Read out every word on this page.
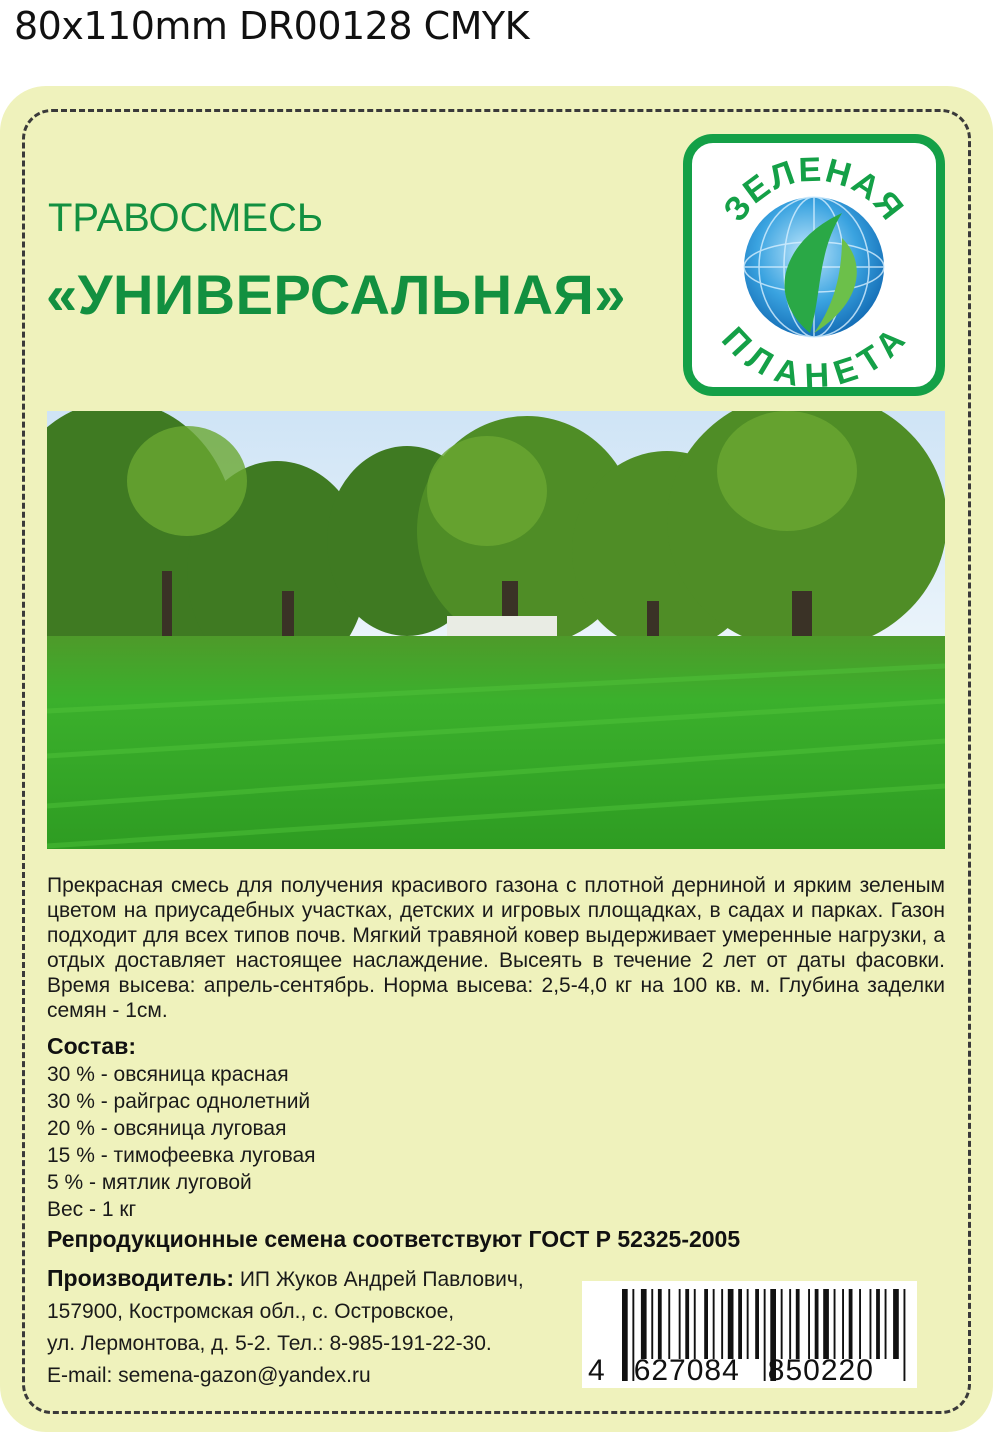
80x110mm DR00128 CMYK
ТРАВОСМЕСЬ
«УНИВЕРСАЛЬНАЯ»
ЗЕЛЕНАЯ
ПЛАНЕТА
Прекрасная смесь для получения красивого газона с плотной дерниной и ярким зеленым цветом на приусадебных участках, детских и игровых площадках, в садах и парках. Газон подходит для всех типов почв. Мягкий травяной ковер выдерживает умеренные нагрузки, а отдых доставляет настоящее наслаждение. Высеять в течение 2 лет от даты фасовки. Время высева: апрель-сентябрь. Норма высева: 2,5-4,0 кг на 100 кв. м. Глубина заделки семян - 1см.
Состав:
30 % - овсяница красная
30 % - райграс однолетний
20 % - овсяница луговая
15 % - тимофеевка луговая
5 % - мятлик луговой
Вес - 1 кг
Репродукционные семена соответствуют ГОСТ Р 52325-2005
Производитель: ИП Жуков Андрей Павлович,
157900, Костромская обл., с. Островское,
ул. Лермонтова, д. 5-2. Тел.: 8-985-191-22-30.
E-mail: semena-gazon@yandex.ru	4   627084   850220
